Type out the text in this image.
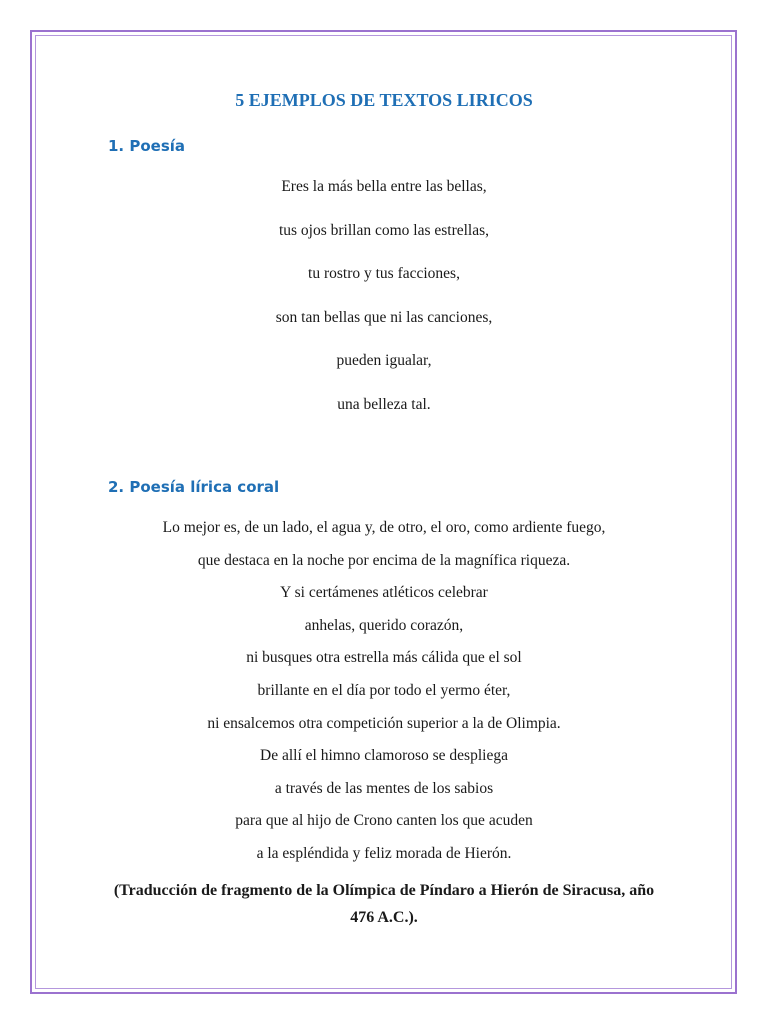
5 EJEMPLOS DE TEXTOS LIRICOS
1. Poesía
Eres la más bella entre las bellas,
tus ojos brillan como las estrellas,
tu rostro y tus facciones,
son tan bellas que ni las canciones,
pueden igualar,
una belleza tal.
2. Poesía lírica coral
Lo mejor es, de un lado, el agua y, de otro, el oro, como ardiente fuego,
que destaca en la noche por encima de la magnífica riqueza.
Y si certámenes atléticos celebrar
anhelas, querido corazón,
ni busques otra estrella más cálida que el sol
brillante en el día por todo el yermo éter,
ni ensalcemos otra competición superior a la de Olimpia.
De allí el himno clamoroso se despliega
a través de las mentes de los sabios
para que al hijo de Crono canten los que acuden
a la espléndida y feliz morada de Hierón.

(Traducción de fragmento de la Olímpica de Píndaro a Hierón de Siracusa, año 476 A.C.).
